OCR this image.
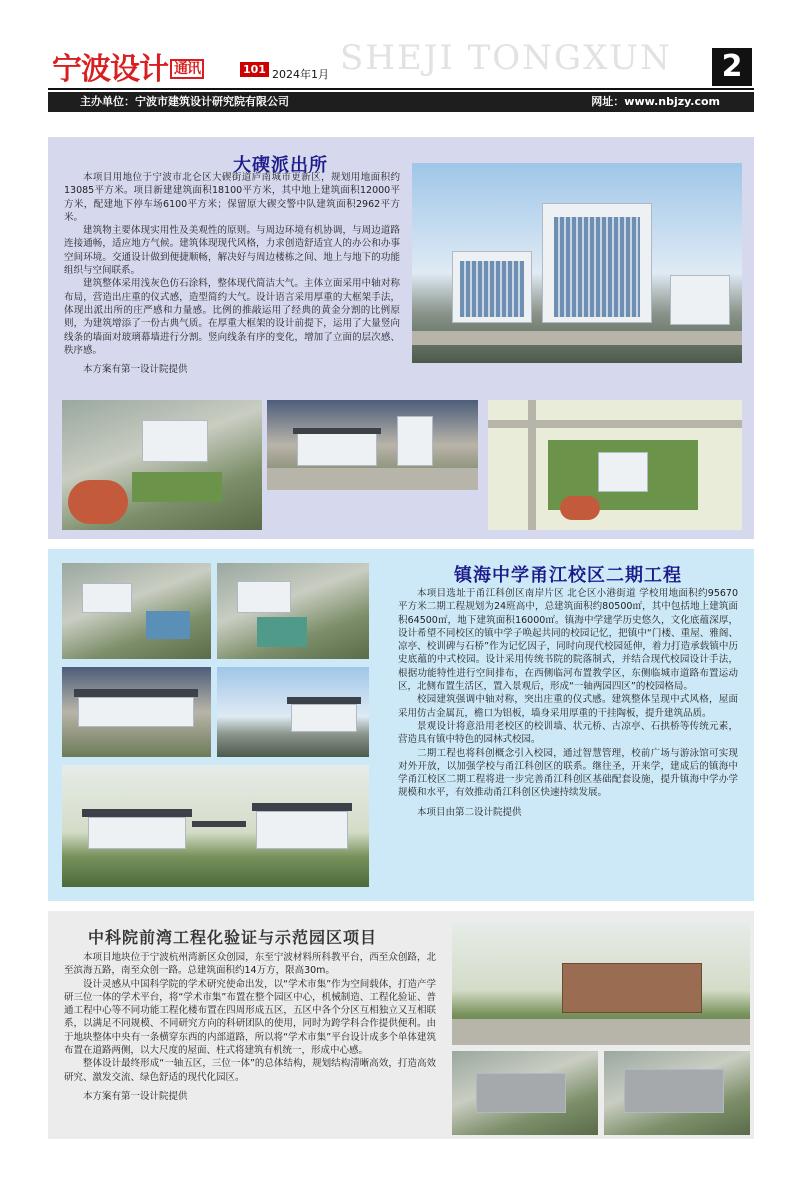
宁波设计 $^{通讯}$	101 2024年1月 SHEJI TONGXUN	2
主办单位：宁波市建筑设计研究院有限公司	网址：www.nbjzy.com
大碶派出所

本项目用地位于宁波市北仑区大碶街道庐南城市更新区，规划用地面积约13085平方米。项目新建建筑面积18100平方米，其中地上建筑面积12000平方米，配建地下停车场6100平方米；保留原大碶交警中队建筑面积2962平方米。

建筑物主要体现实用性及美观性的原则。与周边环境有机协调，与周边道路连接通畅，适应地方气候。建筑体现现代风格，力求创造舒适宜人的办公和办事空间环境。交通设计做到便捷顺畅，解决好与周边楼栋之间、地上与地下的功能组织与空间联系。

建筑整体采用浅灰色仿石涂料，整体现代简洁大气。主体立面采用中轴对称布局，营造出庄重的仪式感，造型简约大气。设计语言采用厚重的大框架手法，体现出派出所的庄严感和力量感。比例的推敲运用了经典的黄金分割的比例原则，为建筑增添了一份古典气质。在厚重大框架的设计前提下，运用了大量竖向线条的墙面对玻璃幕墙进行分割。竖向线条有序的变化，增加了立面的层次感、秩序感。

本方案有第一设计院提供

镇海中学甬江校区二期工程

本项目选址于甬江科创区南岸片区 北仑区小港街道 学校用地面积约95670平方米二期工程规划为24班高中，总建筑面积约80500㎡，其中包括地上建筑面积64500㎡，地下建筑面积16000㎡。镇海中学建学历史悠久，文化底蕴深厚，设计希望不同校区的镇中学子唤起共同的校园记忆，把镇中“门楼、重屋、雅阁、凉亭、校训碑与石桥”作为记忆因子，同时向现代校园延伸，着力打造承载镇中历史底蕴的中式校园。设计采用传统书院的院落制式，并结合现代校园设计手法，根据功能特性进行空间排布，在西侧临河布置教学区，东侧临城市道路布置运动区，北侧布置生活区，置入景观后，形成“一轴两园四区”的校园格局。

校园建筑强调中轴对称，突出庄重的仪式感。建筑整体呈现中式风格，屋面采用仿古金属瓦，檐口为铝板，墙身采用厚重的干挂陶板，提升建筑品质。

景观设计将意沿用老校区的校训墙、状元桥、古凉亭、石拱桥等传统元素，营造具有镇中特色的园林式校园。

二期工程也将科创概念引入校园，通过智慧管理，校前广场与游泳馆可实现对外开放，以加强学校与甬江科创区的联系。继往圣，开来学，建成后的镇海中学甬江校区二期工程将进一步完善甬江科创区基础配套设施，提升镇海中学办学规模和水平，有效推动甬江科创区快速持续发展。

本项目由第二设计院提供

中科院前湾工程化验证与示范园区项目

本项目地块位于宁波杭州湾新区众创园，东至宁波材料所科教平台，西至众创路，北至滨海五路，南至众创一路。总建筑面积约14万方，限高30m。

设计灵感从中国科学院的学术研究使命出发，以“学术市集”作为空间载体，打造产学研三位一体的学术平台，将“学术市集”布置在整个园区中心，机械制造、工程化验证、普通工程中心等不同功能工程化楼布置在四周形成五区，五区中各个分区互相独立又互相联系，以满足不同规模、不同研究方向的科研团队的使用，同时为跨学科合作提供便利。由于地块整体中央有一条横穿东西的内部道路，所以将“学术市集”平台设计成多个单体建筑布置在道路两侧，以大尺度的屋面、柱式将建筑有机统一，形成中心感。

整体设计最终形成“一轴五区，三位一体”的总体结构，规划结构清晰高效，打造高效研究、激发交流、绿色舒适的现代化园区。

本方案有第一设计院提供
